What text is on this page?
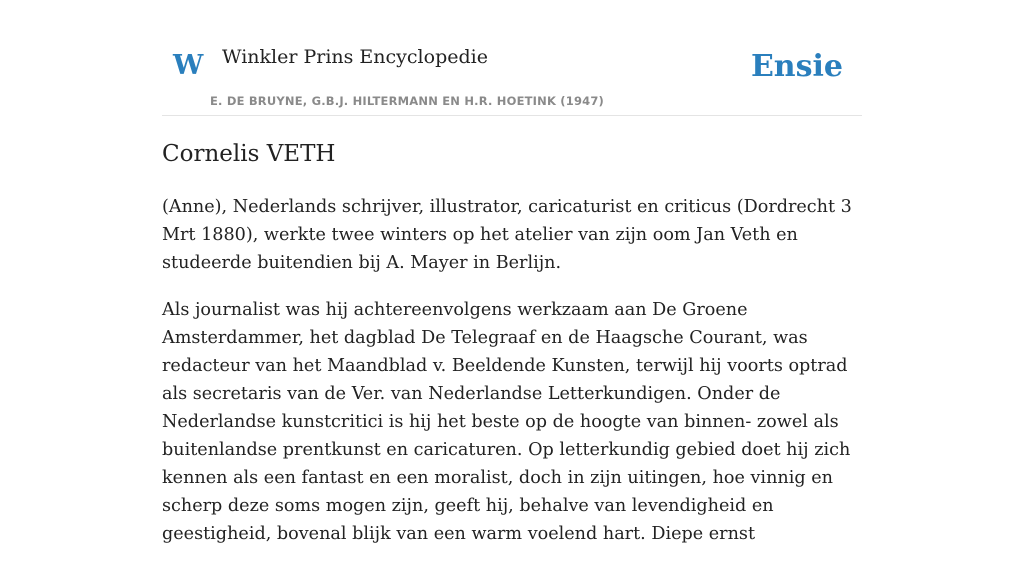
W Winkler Prins Encyclopedie
E. DE BRUYNE, G.B.J. HILTERMANN EN H.R. HOETINK (1947)
Ensie
Cornelis VETH

(Anne), Nederlands schrijver, illustrator, caricaturist en criticus (Dordrecht 3 Mrt 1880), werkte twee winters op het atelier van zijn oom Jan Veth en studeerde buitendien bij A. Mayer in Berlijn.

Als journalist was hij achtereenvolgens werkzaam aan De Groene Amsterdammer, het dagblad De Telegraaf en de Haagsche Courant, was redacteur van het Maandblad v. Beeldende Kunsten, terwijl hij voorts optrad als secretaris van de Ver. van Nederlandse Letterkundigen. Onder de Nederlandse kunstcritici is hij het beste op de hoogte van binnen- zowel als buitenlandse prentkunst en caricaturen. Op letterkundig gebied doet hij zich kennen als een fantast en een moralist, doch in zijn uitingen, hoe vinnig en scherp deze soms mogen zijn, geeft hij, behalve van levendigheid en geestigheid, bovenal blijk van een warm voelend hart. Diepe ernst
